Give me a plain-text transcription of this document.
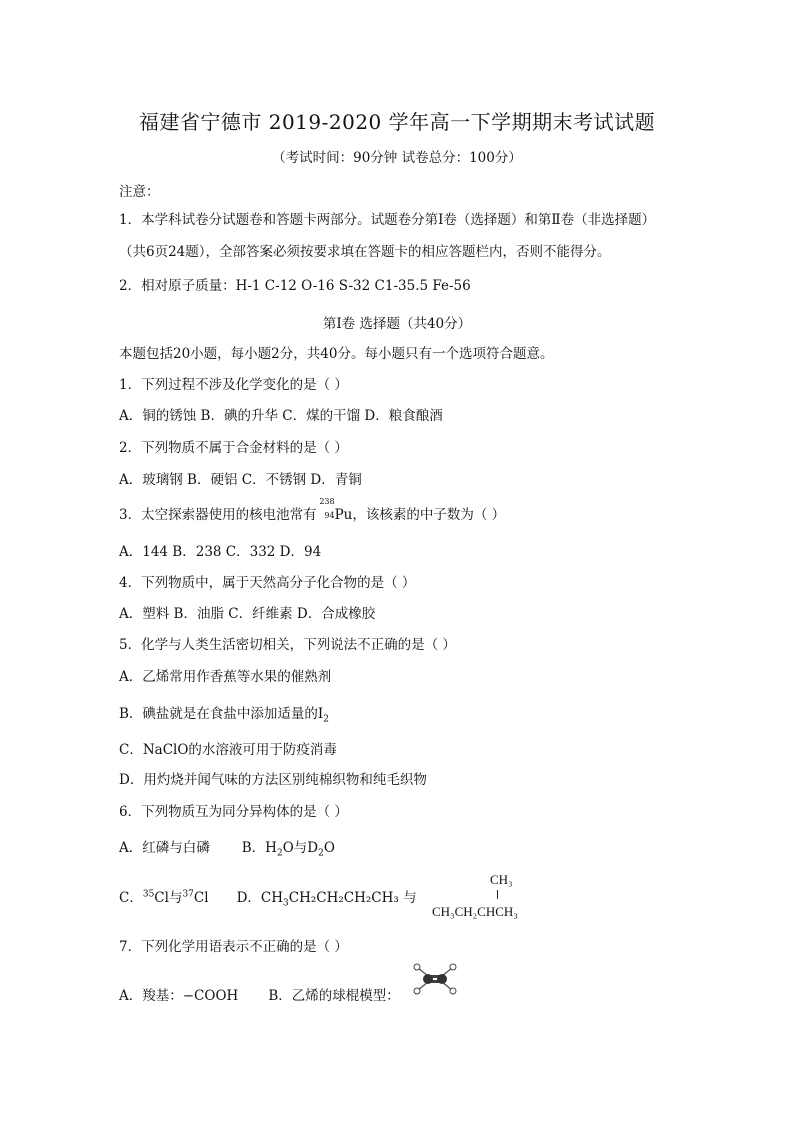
福建省宁德市 2019-2020 学年高一下学期期末考试试题
（考试时间：90分钟 试卷总分：100分）
注意：
1．本学科试卷分试题卷和答题卡两部分。试题卷分第Ⅰ卷（选择题）和第Ⅱ卷（非选择题）
（共6页24题），全部答案必须按要求填在答题卡的相应答题栏内，否则不能得分。
2．相对原子质量：H-1 C-12 O-16 S-32 C1-35.5 Fe-56
第Ⅰ卷 选择题（共40分）
本题包括20小题，每小题2分，共40分。每小题只有一个选项符合题意。
1．下列过程不涉及化学变化的是（ ）
A．铜的锈蚀 B．碘的升华 C．煤的干馏 D．粮食酿酒
2．下列物质不属于合金材料的是（ ）
A．玻璃钢 B．硬铝 C．不锈钢 D．青铜
3．太空探索器使用的核电池常有
238
94 Pu，该核素的中子数为（ ）
A．144 B．238 C．332 D．94
4．下列物质中，属于天然高分子化合物的是（ ）
A．塑料 B．油脂 C．纤维素 D．合成橡胶
5．化学与人类生活密切相关，下列说法不正确的是（ ）
A．乙烯常用作香蕉等水果的催熟剂
B．碘盐就是在食盐中添加适量的$I_2$
C．NaClO的水溶液可用于防疫消毒
D．用灼烧并闻气味的方法区别纯棉织物和纯毛织物
6．下列物质互为同分异构体的是（ ）
A．红磷与白磷 B．$H_2O$与$D_2O$
C．$^{35}$Cl与$^{37}$Cl D．$CH_3CH_2CH_2CH_2CH_3$ 与
CH₃
CH₃CH₂CHCH₃
7．下列化学用语表示不正确的是（ ）
A．羧基：−COOH B．乙烯的球棍模型：
